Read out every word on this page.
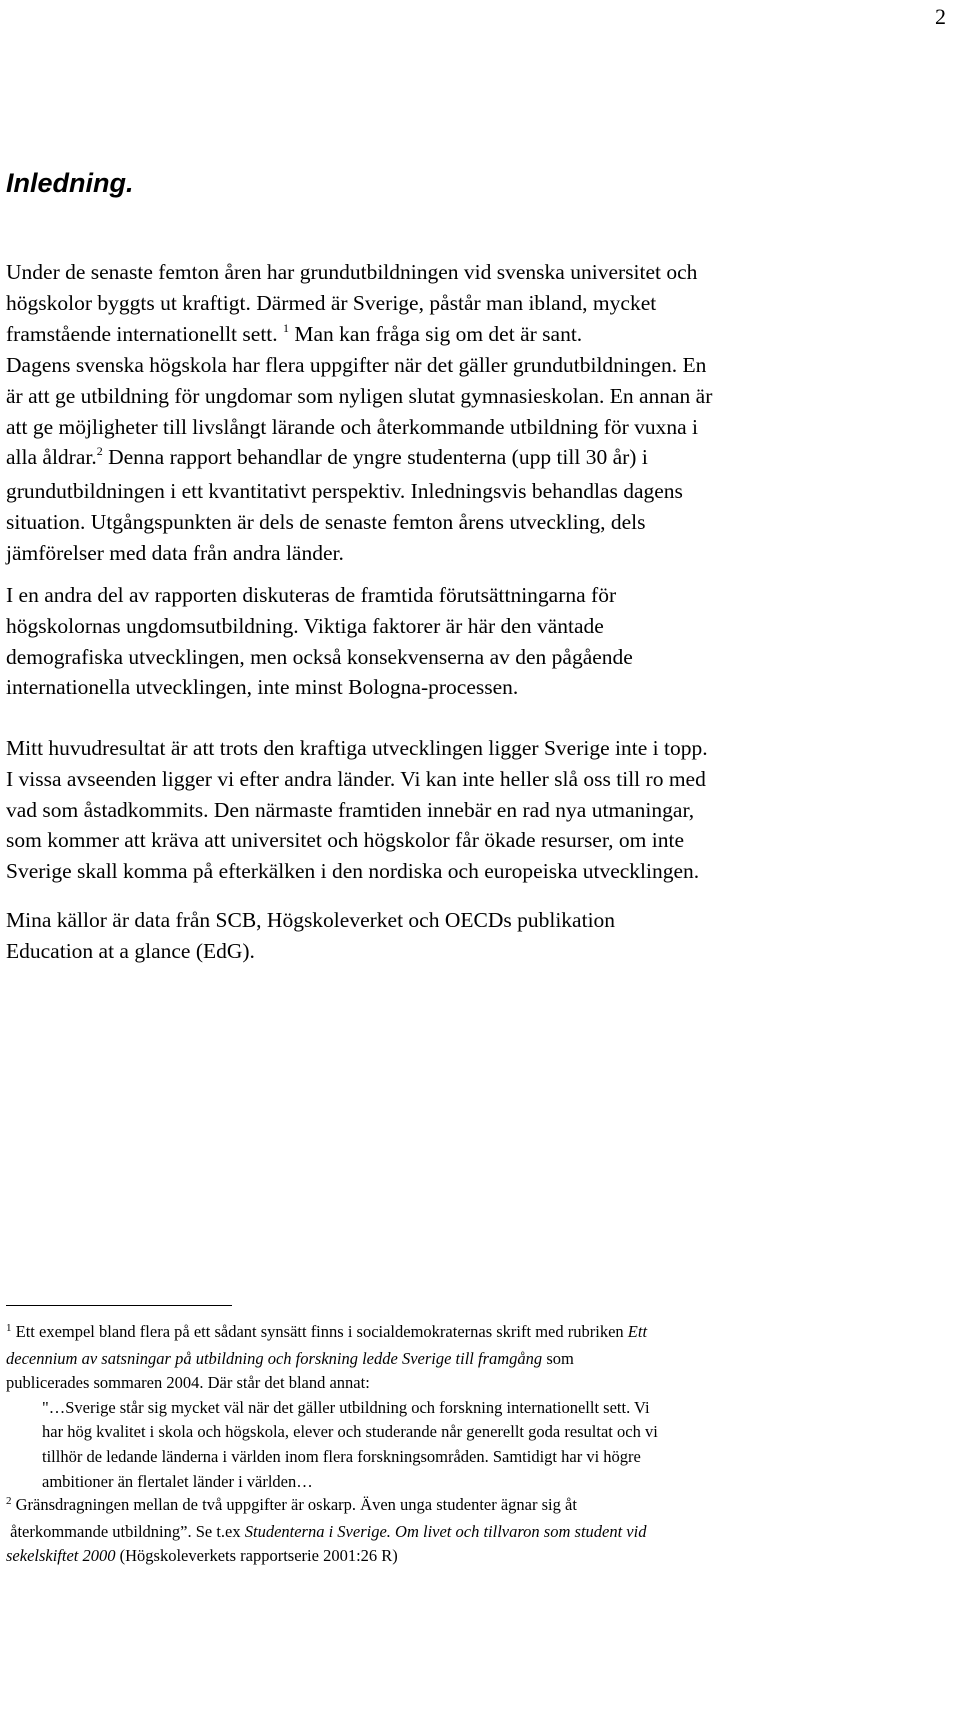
2
Inledning.
Under de senaste femton åren har grundutbildningen vid svenska universitet och
högskolor byggts ut kraftigt. Därmed är Sverige, påstår man ibland, mycket
framstående internationellt sett. $^1$ Man kan fråga sig om det är sant.
Dagens svenska högskola har flera uppgifter när det gäller grundutbildningen. En
är att ge utbildning för ungdomar som nyligen slutat gymnasieskolan. En annan är
att ge möjligheter till livslångt lärande och återkommande utbildning för vuxna i
alla åldrar.$^2$ Denna rapport behandlar de yngre studenterna (upp till 30 år) i
grundutbildningen i ett kvantitativt perspektiv. Inledningsvis behandlas dagens
situation. Utgångspunkten är dels de senaste femton årens utveckling, dels
jämförelser med data från andra länder.
I en andra del av rapporten diskuteras de framtida förutsättningarna för
högskolornas ungdomsutbildning. Viktiga faktorer är här den väntade
demografiska utvecklingen, men också konsekvenserna av den pågående
internationella utvecklingen, inte minst Bologna-processen.
Mitt huvudresultat är att trots den kraftiga utvecklingen ligger Sverige inte i topp.
I vissa avseenden ligger vi efter andra länder. Vi kan inte heller slå oss till ro med
vad som åstadkommits. Den närmaste framtiden innebär en rad nya utmaningar,
som kommer att kräva att universitet och högskolor får ökade resurser, om inte
Sverige skall komma på efterkälken i den nordiska och europeiska utvecklingen.
Mina källor är data från SCB, Högskoleverket och OECDs publikation
Education at a glance (EdG).
$^1$ Ett exempel bland flera på ett sådant synsätt finns i socialdemokraternas skrift med rubriken Ett
decennium av satsningar på utbildning och forskning ledde Sverige till framgång som
publicerades sommaren 2004. Där står det bland annat:
"…Sverige står sig mycket väl när det gäller utbildning och forskning internationellt sett. Vi
har hög kvalitet i skola och högskola, elever och studerande når generellt goda resultat och vi
tillhör de ledande länderna i världen inom flera forskningsområden. Samtidigt har vi högre
ambitioner än flertalet länder i världen…
$^2$ Gränsdragningen mellan de två uppgifter är oskarp. Även unga studenter ägnar sig åt
återkommande utbildning”. Se t.ex Studenterna i Sverige. Om livet och tillvaron som student vid
sekelskiftet 2000 (Högskoleverkets rapportserie 2001:26 R)
